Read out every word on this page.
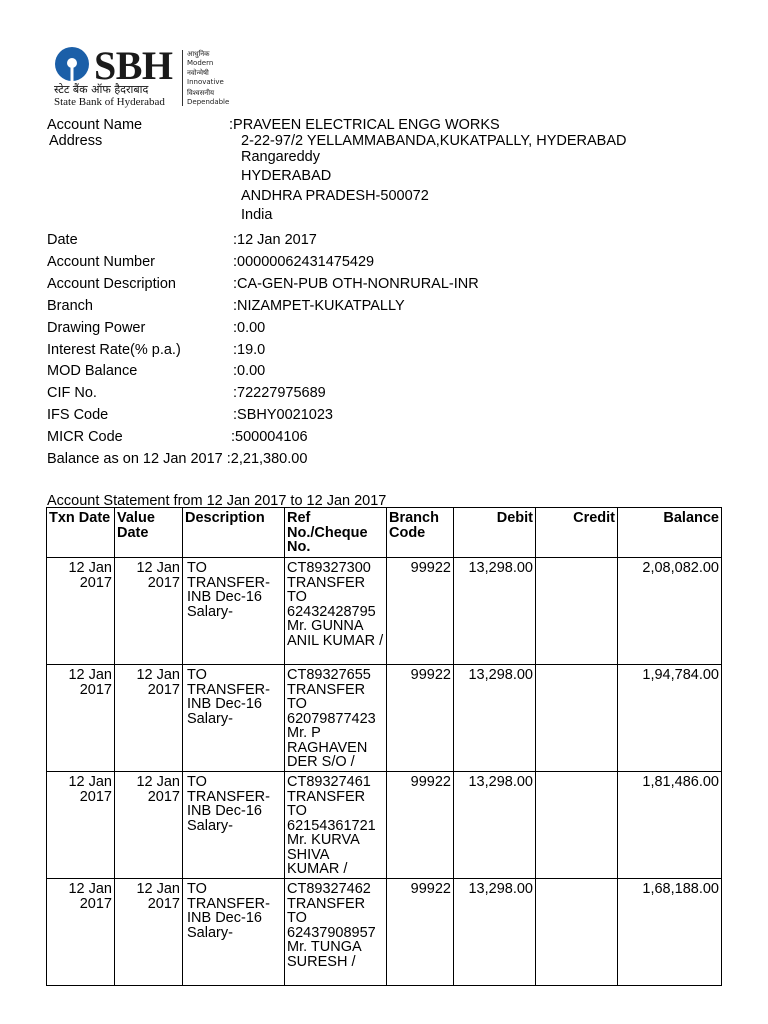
SBH
स्टेट बैंक ऑफ हैदराबाद
State Bank of Hyderabad
आधुनिक
Modern
नवोन्मेषी
Innovative
विश्वसनीय
Dependable
Account Name	:PRAVEEN ELECTRICAL ENGG WORKS
Address	2-22-97/2 YELLAMMABANDA,KUKATPALLY, HYDERABAD
Rangareddy
HYDERABAD
ANDHRA PRADESH-500072
India
Date	:12 Jan 2017
Account Number	:00000062431475429
Account Description	:CA-GEN-PUB OTH-NONRURAL-INR
Branch	:NIZAMPET-KUKATPALLY
Drawing Power	:0.00
Interest Rate(% p.a.)	:19.0
MOD Balance	:0.00
CIF No.	:72227975689
IFS Code	:SBHY0021023
MICR Code	:500004106
Balance as on 12 Jan 2017 :2,21,380.00
Account Statement from 12 Jan 2017 to 12 Jan 2017
Txn Date	Value Date	Description	Ref No./Cheque No.	Branch Code	Debit	Credit	Balance
12 Jan 2017	12 Jan 2017	TO TRANSFER-INB Dec-16 Salary-	CT89327300 TRANSFER TO 62432428795 Mr. GUNNA ANIL KUMAR /	99922	13,298.00		2,08,082.00
12 Jan 2017	12 Jan 2017	TO TRANSFER-INB Dec-16 Salary-	CT89327655 TRANSFER TO 62079877423 Mr. P RAGHAVEN DER S/O /	99922	13,298.00		1,94,784.00
12 Jan 2017	12 Jan 2017	TO TRANSFER-INB Dec-16 Salary-	CT89327461 TRANSFER TO 62154361721 Mr. KURVA SHIVA KUMAR /	99922	13,298.00		1,81,486.00
12 Jan 2017	12 Jan 2017	TO TRANSFER-INB Dec-16 Salary-	CT89327462 TRANSFER TO 62437908957 Mr. TUNGA SURESH /	99922	13,298.00		1,68,188.00
